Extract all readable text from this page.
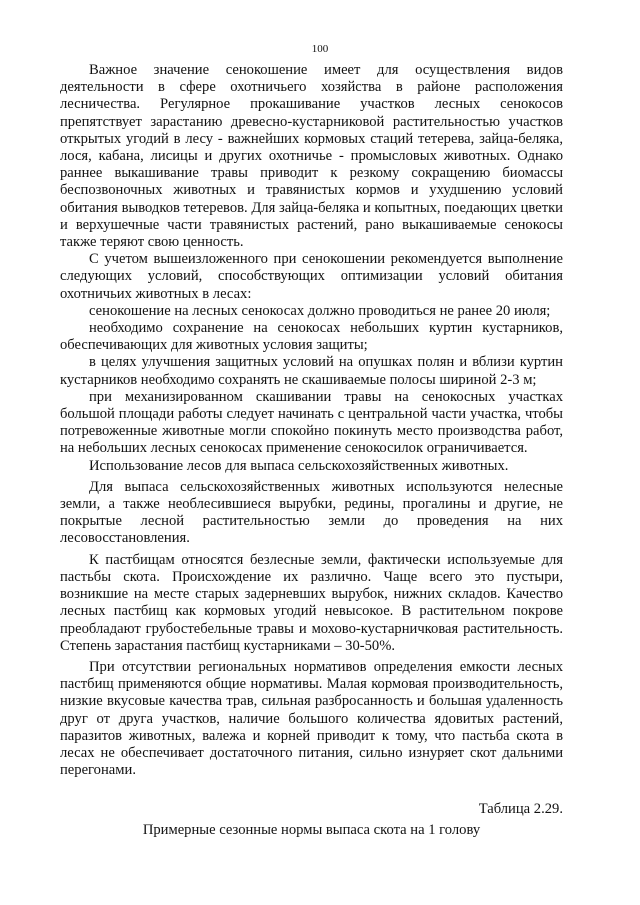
100

Важное значение сенокошение имеет для осуществления видов деятельности в сфере охотничьего хозяйства в районе расположения лесничества. Регулярное прокашивание участков лесных сенокосов препятствует зарастанию древесно-кустарниковой растительностью участков открытых угодий в лесу - важнейших кормовых стаций тетерева, зайца-беляка, лося, кабана, лисицы и других охотничье - промысловых животных. Однако раннее выкашивание травы приводит к резкому сокращению биомассы беспозвоночных животных и травянистых кормов и ухудшению условий обитания выводков тетеревов. Для зайца-беляка и копытных, поедающих цветки и верхушечные части травянистых растений, рано выкашиваемые сенокосы также теряют свою ценность.

С учетом вышеизложенного при сенокошении рекомендуется выполнение следующих условий, способствующих оптимизации условий обитания охотничьих животных в лесах:

сенокошение на лесных сенокосах должно проводиться не ранее 20 июля;

необходимо сохранение на сенокосах небольших куртин кустарников, обеспечивающих для животных условия защиты;

в целях улучшения защитных условий на опушках полян и вблизи куртин кустарников необходимо сохранять не скашиваемые полосы шириной 2-3 м;

при механизированном скашивании травы на сенокосных участках большой площади работы следует начинать с центральной части участка, чтобы потревоженные животные могли спокойно покинуть место производства работ, на небольших лесных сенокосах применение сенокосилок ограничивается.

Использование лесов для выпаса сельскохозяйственных животных.

Для выпаса сельскохозяйственных животных используются нелесные земли, а также необлесившиеся вырубки, редины, прогалины и другие, не покрытые лесной растительностью земли до проведения на них лесовосстановления.

К пастбищам относятся безлесные земли, фактически используемые для пастьбы скота. Происхождение их различно. Чаще всего это пустыри, возникшие на месте старых задерневших вырубок, нижних складов. Качество лесных пастбищ как кормовых угодий невысокое. В растительном покрове преобладают грубостебельные травы и мохово-кустарничковая растительность. Степень зарастания пастбищ кустарниками – 30-50%.

При отсутствии региональных нормативов определения емкости лесных пастбищ применяются общие нормативы. Малая кормовая производительность, низкие вкусовые качества трав, сильная разбросанность и большая удаленность друг от друга участков, наличие большого количества ядовитых растений, паразитов животных, валежа и корней приводит к тому, что пастьба скота в лесах не обеспечивает достаточного питания, сильно изнуряет скот дальними перегонами.

Таблица 2.29.
Примерные сезонные нормы выпаса скота на 1 голову
